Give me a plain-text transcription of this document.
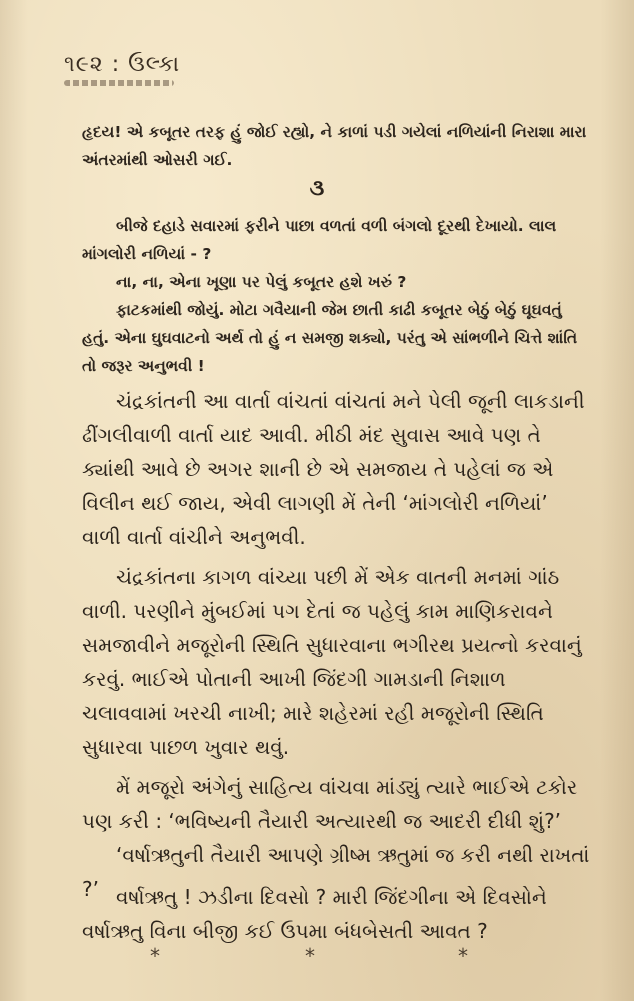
૧૯૨ : ઉલ્કા

હૃદય! એ કબૂતર તરફ હું જોઈ રહ્યો, ને કાળાં પડી ગયેલાં નળિયાંની નિરાશા મારા અંતરમાંથી ઓસરી ગઈ.

૩

બીજે દહાડે સવારમાં ફરીને પાછા વળતાં વળી બંગલો દૂરથી દેખાયો. લાલ માંગલોરી નળિયાં - ?

ના, ના, એના ખૂણા પર પેલું કબૂતર હશે ખરું ?

ફાટકમાંથી જોયું. મોટા ગવૈયાની જેમ છાતી કાઢી કબૂતર બેઠું બેઠું ઘૂઘવતું હતું. એના ઘુઘવાટનો અર્થ તો હું ન સમજી શક્યો, પરંતુ એ સાંભળીને ચિત્તે શાંતિ તો જરૂર અનુભવી !

ચંદ્રકાંતની આ વાર્તા વાંચતાં વાંચતાં મને પેલી જૂની લાકડાની ઢીંગલીવાળી વાર્તા યાદ આવી. મીઠી મંદ સુવાસ આવે પણ તે ક્યાંથી આવે છે અગર શાની છે એ સમજાય તે પહેલાં જ એ વિલીન થઈ જાય, એવી લાગણી મેં તેની ‘માંગલોરી નળિયાં’ વાળી વાર્તા વાંચીને અનુભવી.

ચંદ્રકાંતના કાગળ વાંચ્યા પછી મેં એક વાતની મનમાં ગાંઠ વાળી. પરણીને મુંબઈમાં પગ દેતાં જ પહેલું કામ માણિકરાવને સમજાવીને મજૂરોની સ્થિતિ સુધારવાના ભગીરથ પ્રયત્નો કરવાનું કરવું. ભાઈએ પોતાની આખી જિંદગી ગામડાની નિશાળ ચલાવવામાં ખરચી નાખી; મારે શહેરમાં રહી મજૂરોની સ્થિતિ સુધારવા પાછળ ખુવાર થવું.

મેં મજૂરો અંગેનું સાહિત્ય વાંચવા માંડ્યું ત્યારે ભાઈએ ટકોર પણ કરી : ‘ભવિષ્યની તૈયારી અત્યારથી જ આદરી દીધી શું?’

‘વર્ષાઋતુની તૈયારી આપણે ગ્રીષ્મ ઋતુમાં જ કરી નથી રાખતાં ?’ વર્ષાઋતુ ! ઝડીના દિવસો ? મારી જિંદગીના એ દિવસોને વર્ષાઋતુ વિના બીજી કઈ ઉપમા બંધબેસતી આવત ?

*	*	*
